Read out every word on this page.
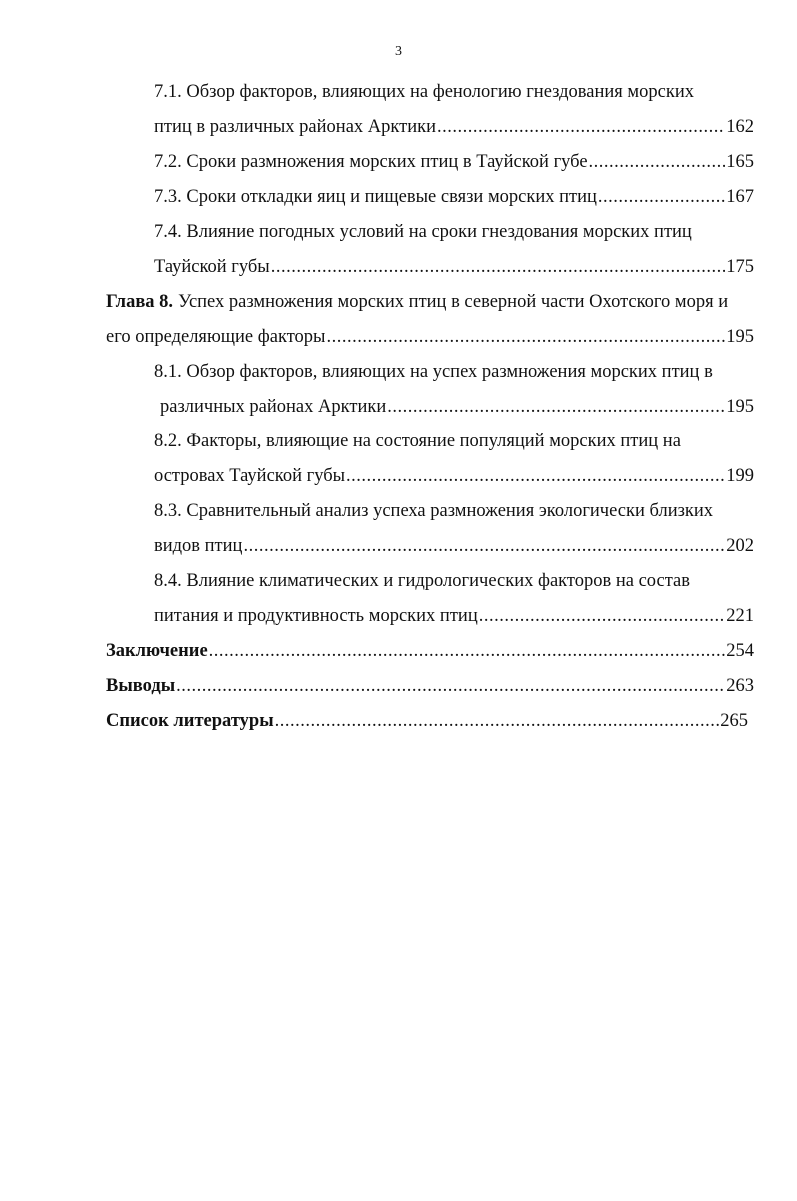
3
7.1. Обзор факторов, влияющих на фенологию гнездования морских
птиц в различных районах Арктики .....	162
7.2. Сроки размножения морских птиц в Тауйской губе .....	165
7.3. Сроки откладки яиц и пищевые связи морских птиц .....	167
7.4. Влияние погодных условий на сроки гнездования морских птиц
Тауйской губы .....	175
Глава 8. Успех размножения морских птиц в северной части Охотского моря и
его определяющие факторы .....	195
8.1. Обзор факторов, влияющих на успех размножения морских птиц в
различных районах Арктики .....	195
8.2. Факторы, влияющие на состояние популяций морских птиц на
островах Тауйской губы .....	199
8.3. Сравнительный анализ успеха размножения экологически близких
видов птиц .....	202
8.4. Влияние климатических и гидрологических факторов на состав
питания и продуктивность морских птиц .....	221
Заключение .....	254
Выводы .....	263
Список литературы .....	265
